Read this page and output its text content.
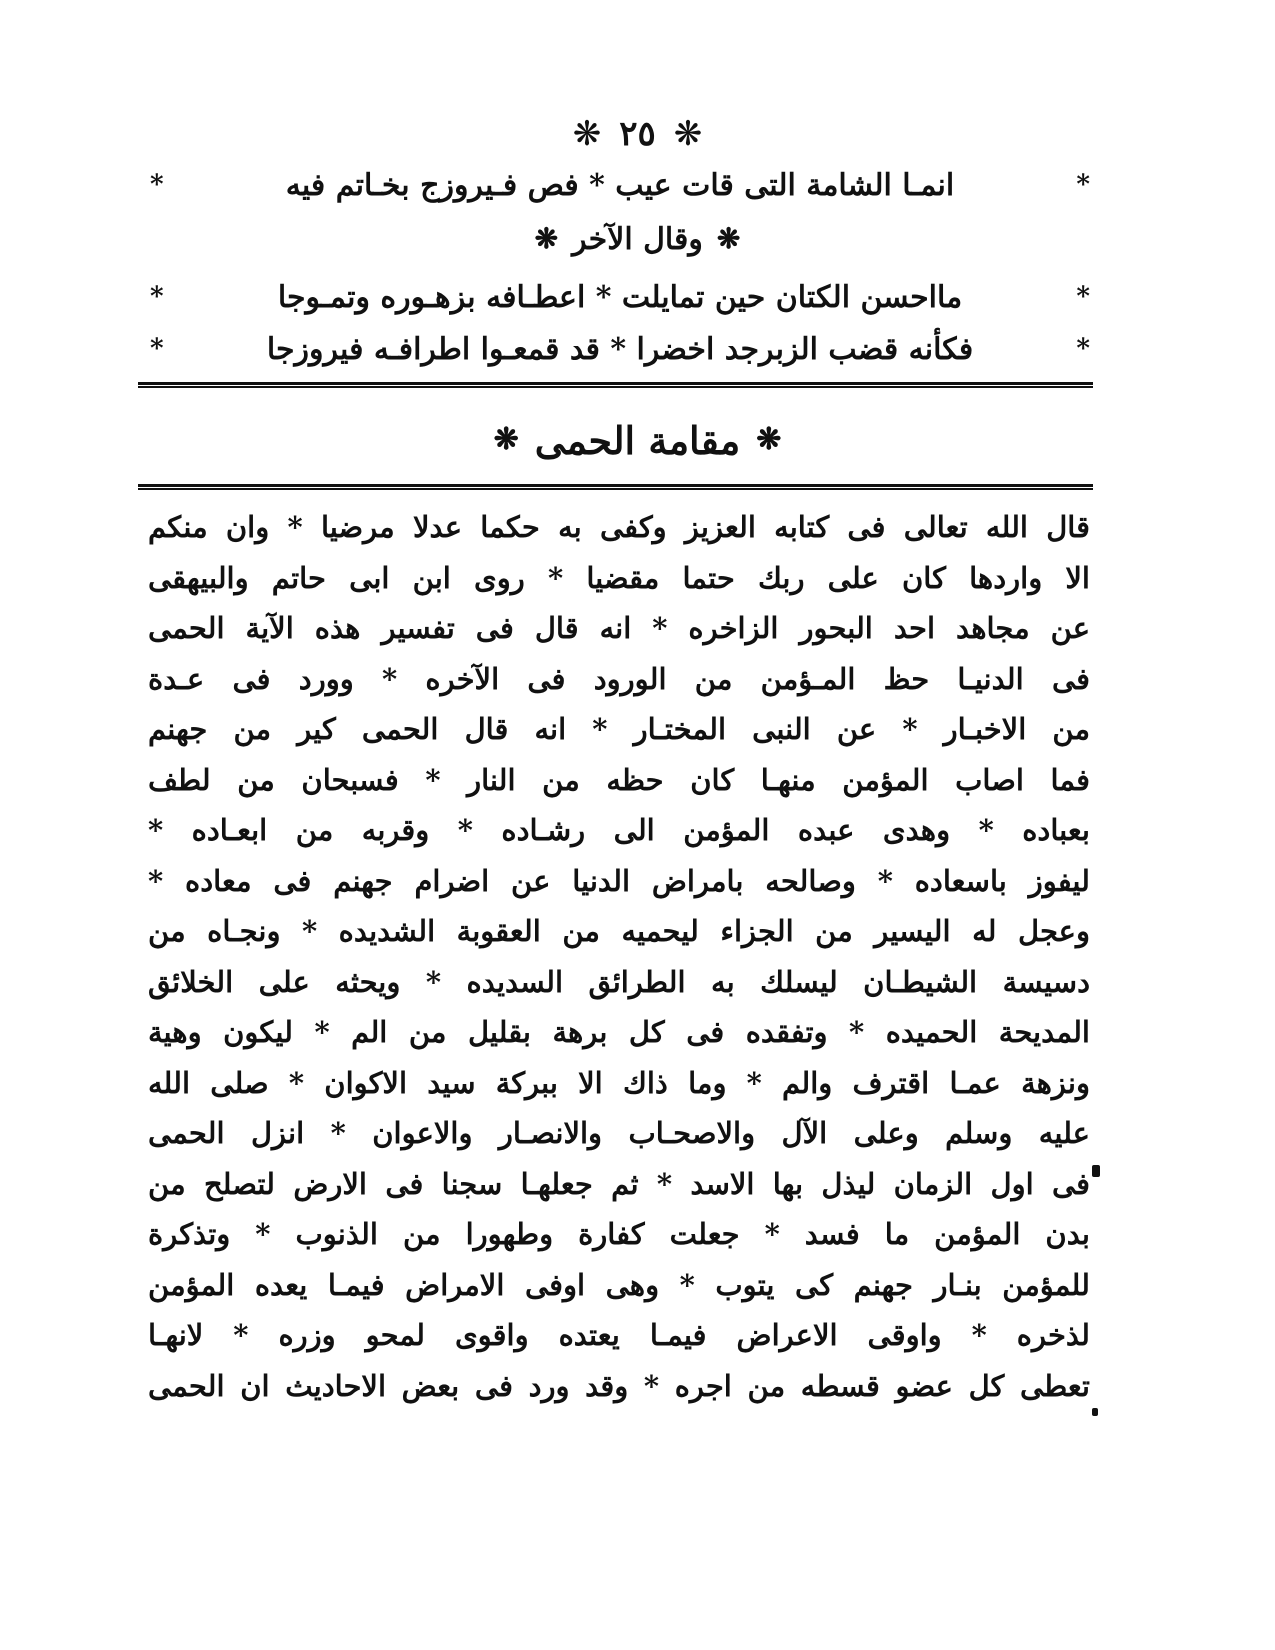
❋ ٢٥ ❋
*
انمـا الشامة التى قات عيب * فص فـيروزج بخـاتم فيه
*
❋
وقال الآخر
❋
*
مااحسن الكتان حين تمايلت * اعطـافه بزهـوره وتمـوجا
*
*
فكأنه قضب الزبرجد اخضرا * قد قمعـوا اطرافـه فيروزجا
*
❋
مقامة الحمى
❋
قال الله تعالى فى كتابه العزيز وكفى به حكما عدلا مرضيا * وان منكم
الا واردها كان على ربك حتما مقضيا * روى ابن ابى حاتم والبيهقى
عن مجاهد احد البحور الزاخره * انه قال فى تفسير هذه الآية الحمى
فى الدنيـا حظ المـؤمن من الورود فى الآخره * وورد فى عـدة
من الاخبـار * عن النبى المختـار * انه قال الحمى كير من جهنم
فما اصاب المؤمن منهـا كان حظه من النار * فسبحان من لطف
بعباده * وهدى عبده المؤمن الى رشـاده * وقربه من ابعـاده *
ليفوز باسعاده * وصالحه بامراض الدنيا عن اضرام جهنم فى معاده *
وعجل له اليسير من الجزاء ليحميه من العقوبة الشديده * ونجـاه من
دسيسة الشيطـان ليسلك به الطرائق السديده * ويحثه على الخلائق
المديحة الحميده * وتفقده فى كل برهة بقليل من الم * ليكون وهية
ونزهة عمـا اقترف والم * وما ذاك الا ببركة سيد الاكوان * صلى الله
عليه وسلم وعلى الآل والاصحـاب والانصـار والاعوان * انزل الحمى
فى اول الزمان ليذل بها الاسد * ثم جعلهـا سجنا فى الارض لتصلح من
بدن المؤمن ما فسد * جعلت كفارة وطهورا من الذنوب * وتذكرة
للمؤمن بنـار جهنم كى يتوب * وهى اوفى الامراض فيمـا يعده المؤمن
لذخره * واوقى الاعراض فيمـا يعتده واقوى لمحو وزره * لانهـا
تعطى كل عضو قسطه من اجره * وقد ورد فى بعض الاحاديث ان الحمى
